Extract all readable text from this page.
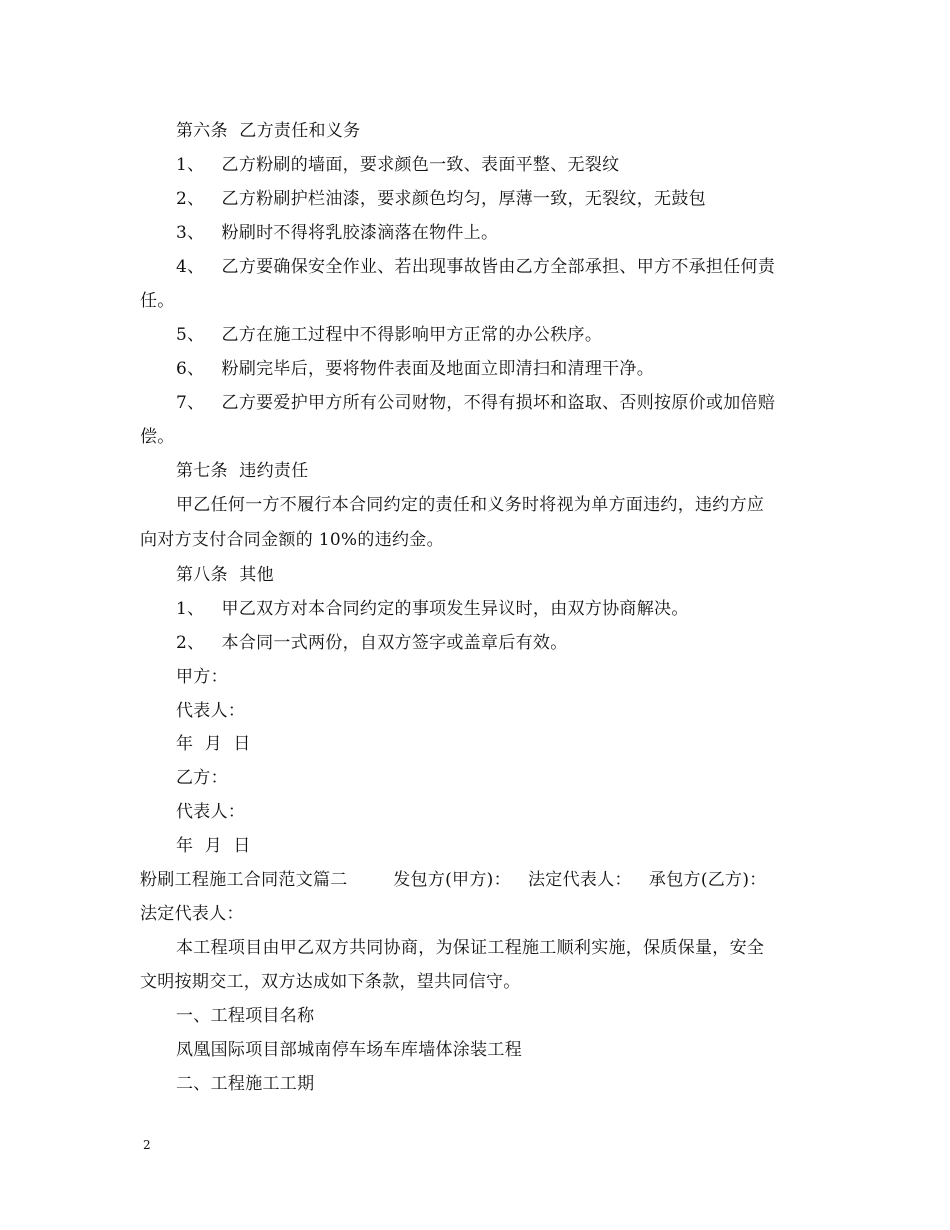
第六条  乙方责任和义务
1、   乙方粉刷的墙面，要求颜色一致、表面平整、无裂纹
2、   乙方粉刷护栏油漆，要求颜色均匀，厚薄一致，无裂纹，无鼓包
3、   粉刷时不得将乳胶漆滴落在物件上。
4、   乙方要确保安全作业、若出现事故皆由乙方全部承担、甲方不承担任何责
任。
5、   乙方在施工过程中不得影响甲方正常的办公秩序。
6、   粉刷完毕后，要将物件表面及地面立即清扫和清理干净。
7、   乙方要爱护甲方所有公司财物，不得有损坏和盗取、否则按原价或加倍赔
偿。
第七条  违约责任
甲乙任何一方不履行本合同约定的责任和义务时将视为单方面违约，违约方应
向对方支付合同金额的 10%的违约金。
第八条  其他
1、   甲乙双方对本合同约定的事项发生异议时，由双方协商解决。
2、   本合同一式两份，自双方签字或盖章后有效。
甲方：
代表人：
年  月  日
乙方：
代表人：
年  月  日
粉刷工程施工合同范文篇二        发包方(甲方)：   法定代表人：   承包方(乙方)：
法定代表人：
本工程项目由甲乙双方共同协商，为保证工程施工顺利实施，保质保量，安全
文明按期交工，双方达成如下条款，望共同信守。
一、工程项目名称
凤凰国际项目部城南停车场车库墙体涂装工程
二、工程施工工期
2
